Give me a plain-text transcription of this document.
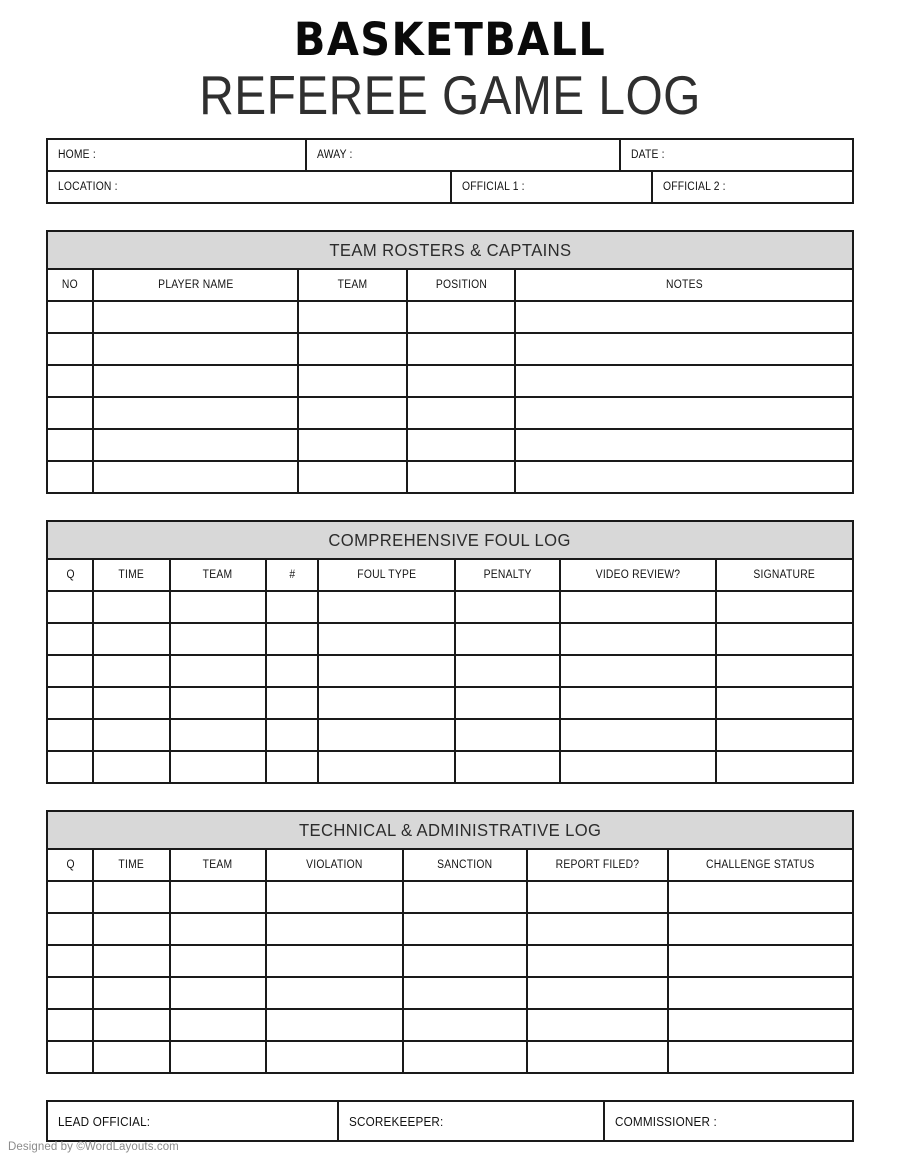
BASKETBALL
REFEREE GAME LOG
HOME :	AWAY :	DATE :
LOCATION :	OFFICIAL 1 :	OFFICIAL 2 :
TEAM ROSTERS & CAPTAINS
NO	PLAYER NAME	TEAM	POSITION	NOTES
COMPREHENSIVE FOUL LOG
Q	TIME	TEAM	#	FOUL TYPE	PENALTY	VIDEO REVIEW?	SIGNATURE
TECHNICAL & ADMINISTRATIVE LOG
Q	TIME	TEAM	VIOLATION	SANCTION	REPORT FILED?	CHALLENGE STATUS
LEAD OFFICIAL:	SCOREKEEPER:	COMMISSIONER :
Designed by ©WordLayouts.com
